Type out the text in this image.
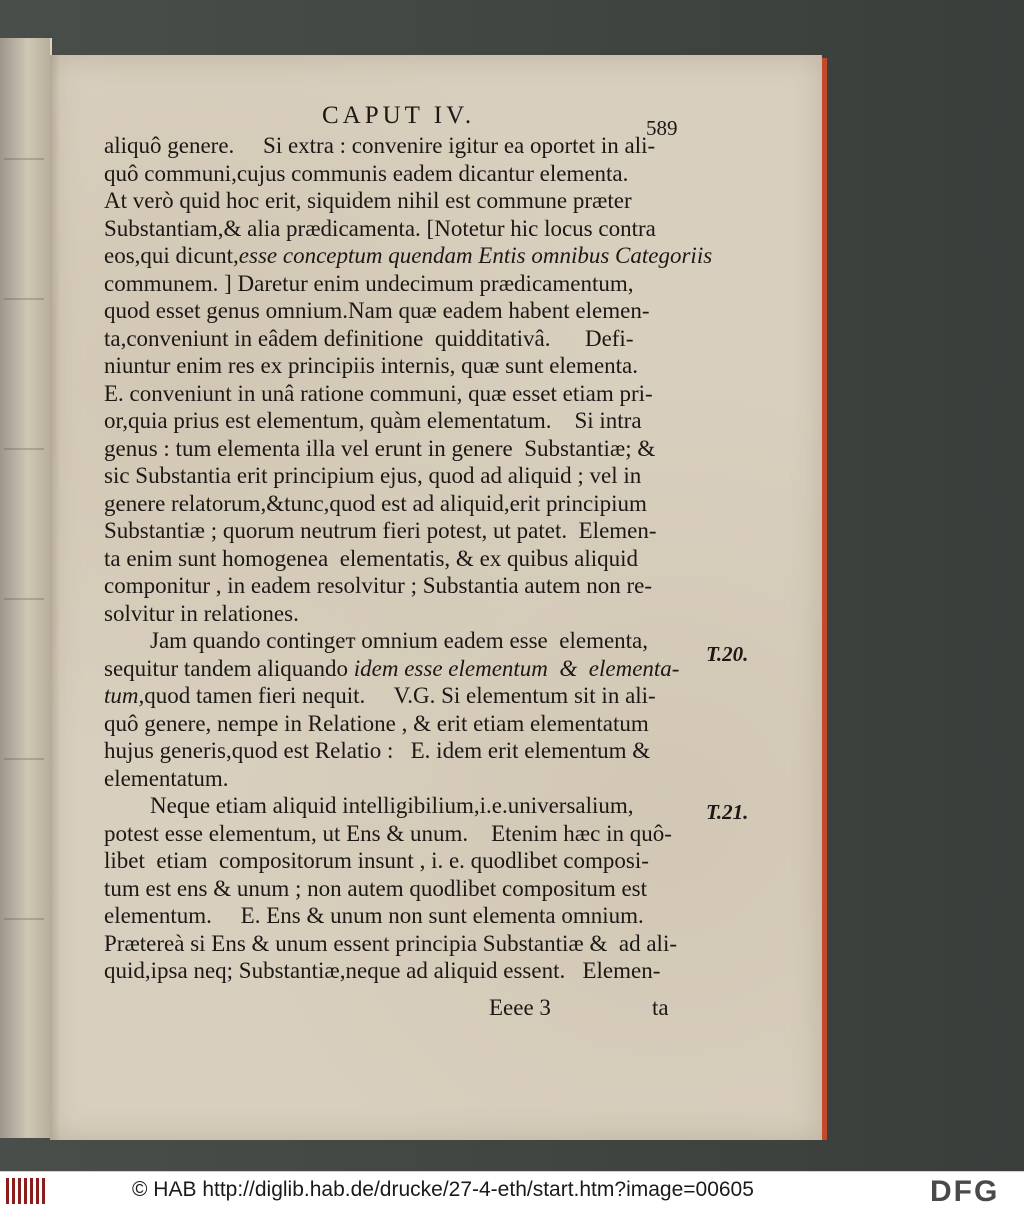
CAPUT IV.	589
aliquô genere.     Si extra : convenire igitur ea oportet in ali-
quô communi,cujus communis eadem dicantur elementa.
At verò quid hoc erit, siquidem nihil est commune præter
Substantiam,& alia prædicamenta. [Notetur hic locus contra
eos,qui dicunt,esse conceptum quendam Entis omnibus Categoriis
communem. ] Daretur enim undecimum prædicamentum,
quod esset genus omnium.Nam quæ eadem habent elemen-
ta,conveniunt in eâdem definitione  quidditativâ.      Defi-
niuntur enim res ex principiis internis, quæ sunt elementa.
E. conveniunt in unâ ratione communi, quæ esset etiam pri-
or,quia prius est elementum, quàm elementatum.    Si intra
genus : tum elementa illa vel erunt in genere  Substantiæ; &
sic Substantia erit principium ejus, quod ad aliquid ; vel in
genere relatorum,&tunc,quod est ad aliquid,erit principium
Substantiæ ; quorum neutrum fieri potest, ut patet.  Elemen-
ta enim sunt homogenea  elementatis, & ex quibus aliquid
componitur , in eadem resolvitur ; Substantia autem non re-
solvitur in relationes.
Jam quando contingет omnium eadem esse  elementa,
sequitur tandem aliquando idem esse elementum  &  elementa-
tum,quod tamen fieri nequit.     V.G. Si elementum sit in ali-
quô genere, nempe in Relatione , & erit etiam elementatum
hujus generis,quod est Relatio :   E. idem erit elementum &
elementatum.
Neque etiam aliquid intelligibilium,i.e.universalium,
potest esse elementum, ut Ens & unum.    Etenim hæc in quô-
libet  etiam  compositorum insunt , i. e. quodlibet composi-
tum est ens & unum ; non autem quodlibet compositum est
elementum.     E. Ens & unum non sunt elementa omnium.
Prætereà si Ens & unum essent principia Substantiæ &  ad ali-
quid,ipsa neq; Substantiæ,neque ad aliquid essent.   Elemen-
T.20.
T.21.
Eeee 3	ta
© HAB http://diglib.hab.de/drucke/27-4-eth/start.htm?image=00605	DFG
